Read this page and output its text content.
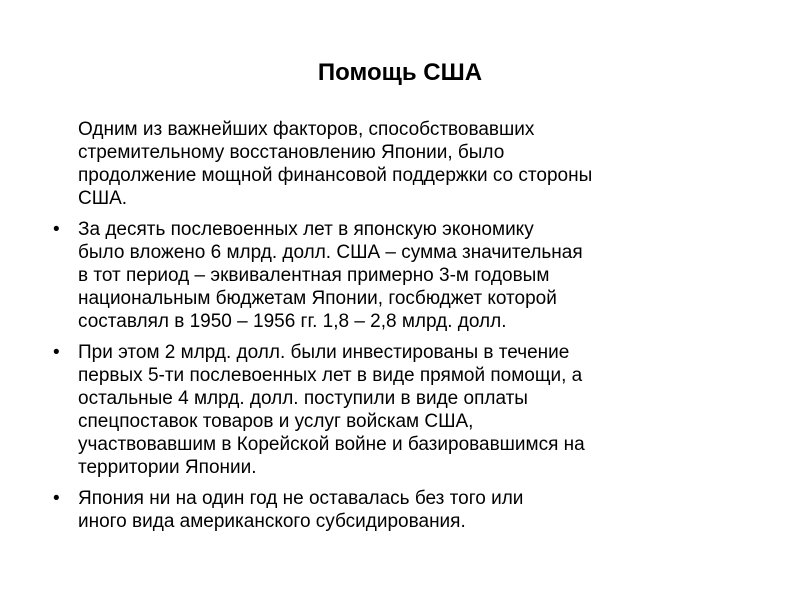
Помощь США

Одним из важнейших факторов, способствовавших
стремительному восстановлению Японии, было
продолжение мощной финансовой поддержки со стороны
США.

• За десять послевоенных лет в японскую экономику
было вложено 6 млрд. долл. США – сумма значительная
в тот период – эквивалентная примерно 3-м годовым
национальным бюджетам Японии, госбюджет которой
составлял в 1950 – 1956 гг. 1,8 – 2,8 млрд. долл.

• При этом 2 млрд. долл. были инвестированы в течение
первых 5-ти послевоенных лет в виде прямой помощи, а
остальные 4 млрд. долл. поступили в виде оплаты
спецпоставок товаров и услуг войскам США,
участвовавшим в Корейской войне и базировавшимся на
территории Японии.

• Япония ни на один год не оставалась без того или
иного вида американского субсидирования.
